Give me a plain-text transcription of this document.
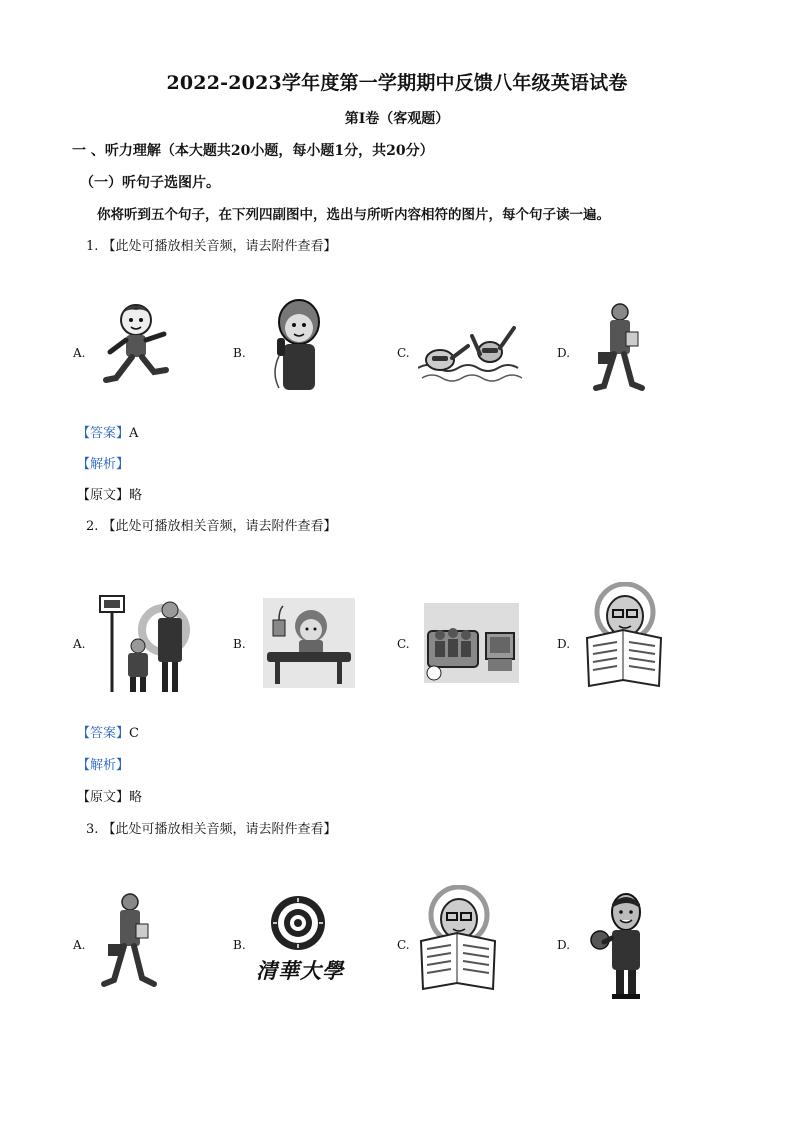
2022-2023学年度第一学期期中反馈八年级英语试卷
第I卷（客观题）
一 、听力理解（本大题共20小题，每小题1分，共20分）
（一）听句子选图片。
你将听到五个句子，在下列四副图中，选出与所听内容相符的图片，每个句子读一遍。
1. 【此处可播放相关音频，请去附件查看】
A.	B.	C.	D.
【答案】A
【解析】
【原文】略
2. 【此处可播放相关音频，请去附件查看】
A.	B.	C.	D.
【答案】C
【解析】
【原文】略
3. 【此处可播放相关音频，请去附件查看】
A.	B.
清華大學
C.	D.
